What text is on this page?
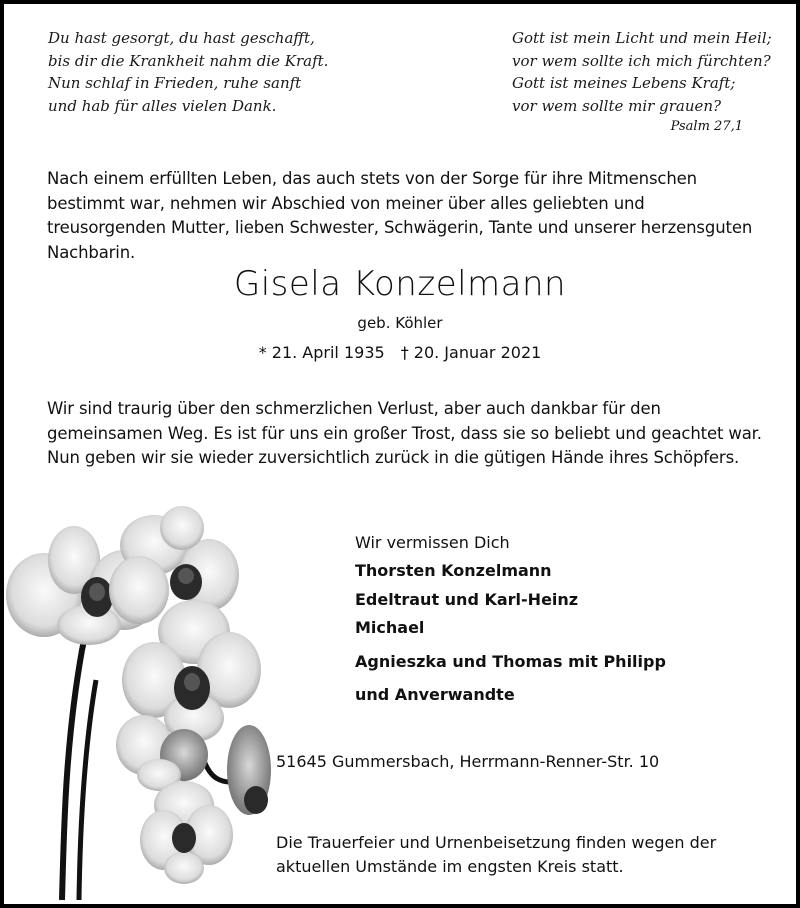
Du hast gesorgt, du hast geschafft,
bis dir die Krankheit nahm die Kraft.
Nun schlaf in Frieden, ruhe sanft
und hab für alles vielen Dank.
Gott ist mein Licht und mein Heil;
vor wem sollte ich mich fürchten?
Gott ist meines Lebens Kraft;
vor wem sollte mir grauen?
Psalm 27,1
Nach einem erfüllten Leben, das auch stets von der Sorge für ihre Mitmenschen bestimmt war, nehmen wir Abschied von meiner über alles geliebten und treusorgenden Mutter, lieben Schwester, Schwägerin, Tante und unserer herzensguten Nachbarin.
Gisela Konzelmann
geb. Köhler
* 21. April 1935 † 20. Januar 2021
Wir sind traurig über den schmerzlichen Verlust, aber auch dankbar für den gemeinsamen Weg. Es ist für uns ein großer Trost, dass sie so beliebt und geachtet war. Nun geben wir sie wieder zuversichtlich zurück in die gütigen Hände ihres Schöpfers.
Wir vermissen Dich
Thorsten Konzelmann
Edeltraut und Karl-Heinz
Michael
Agnieszka und Thomas mit Philipp
und Anverwandte
51645 Gummersbach, Herrmann-Renner-Str. 10
Die Trauerfeier und Urnenbeisetzung finden wegen der
aktuellen Umstände im engsten Kreis statt.
